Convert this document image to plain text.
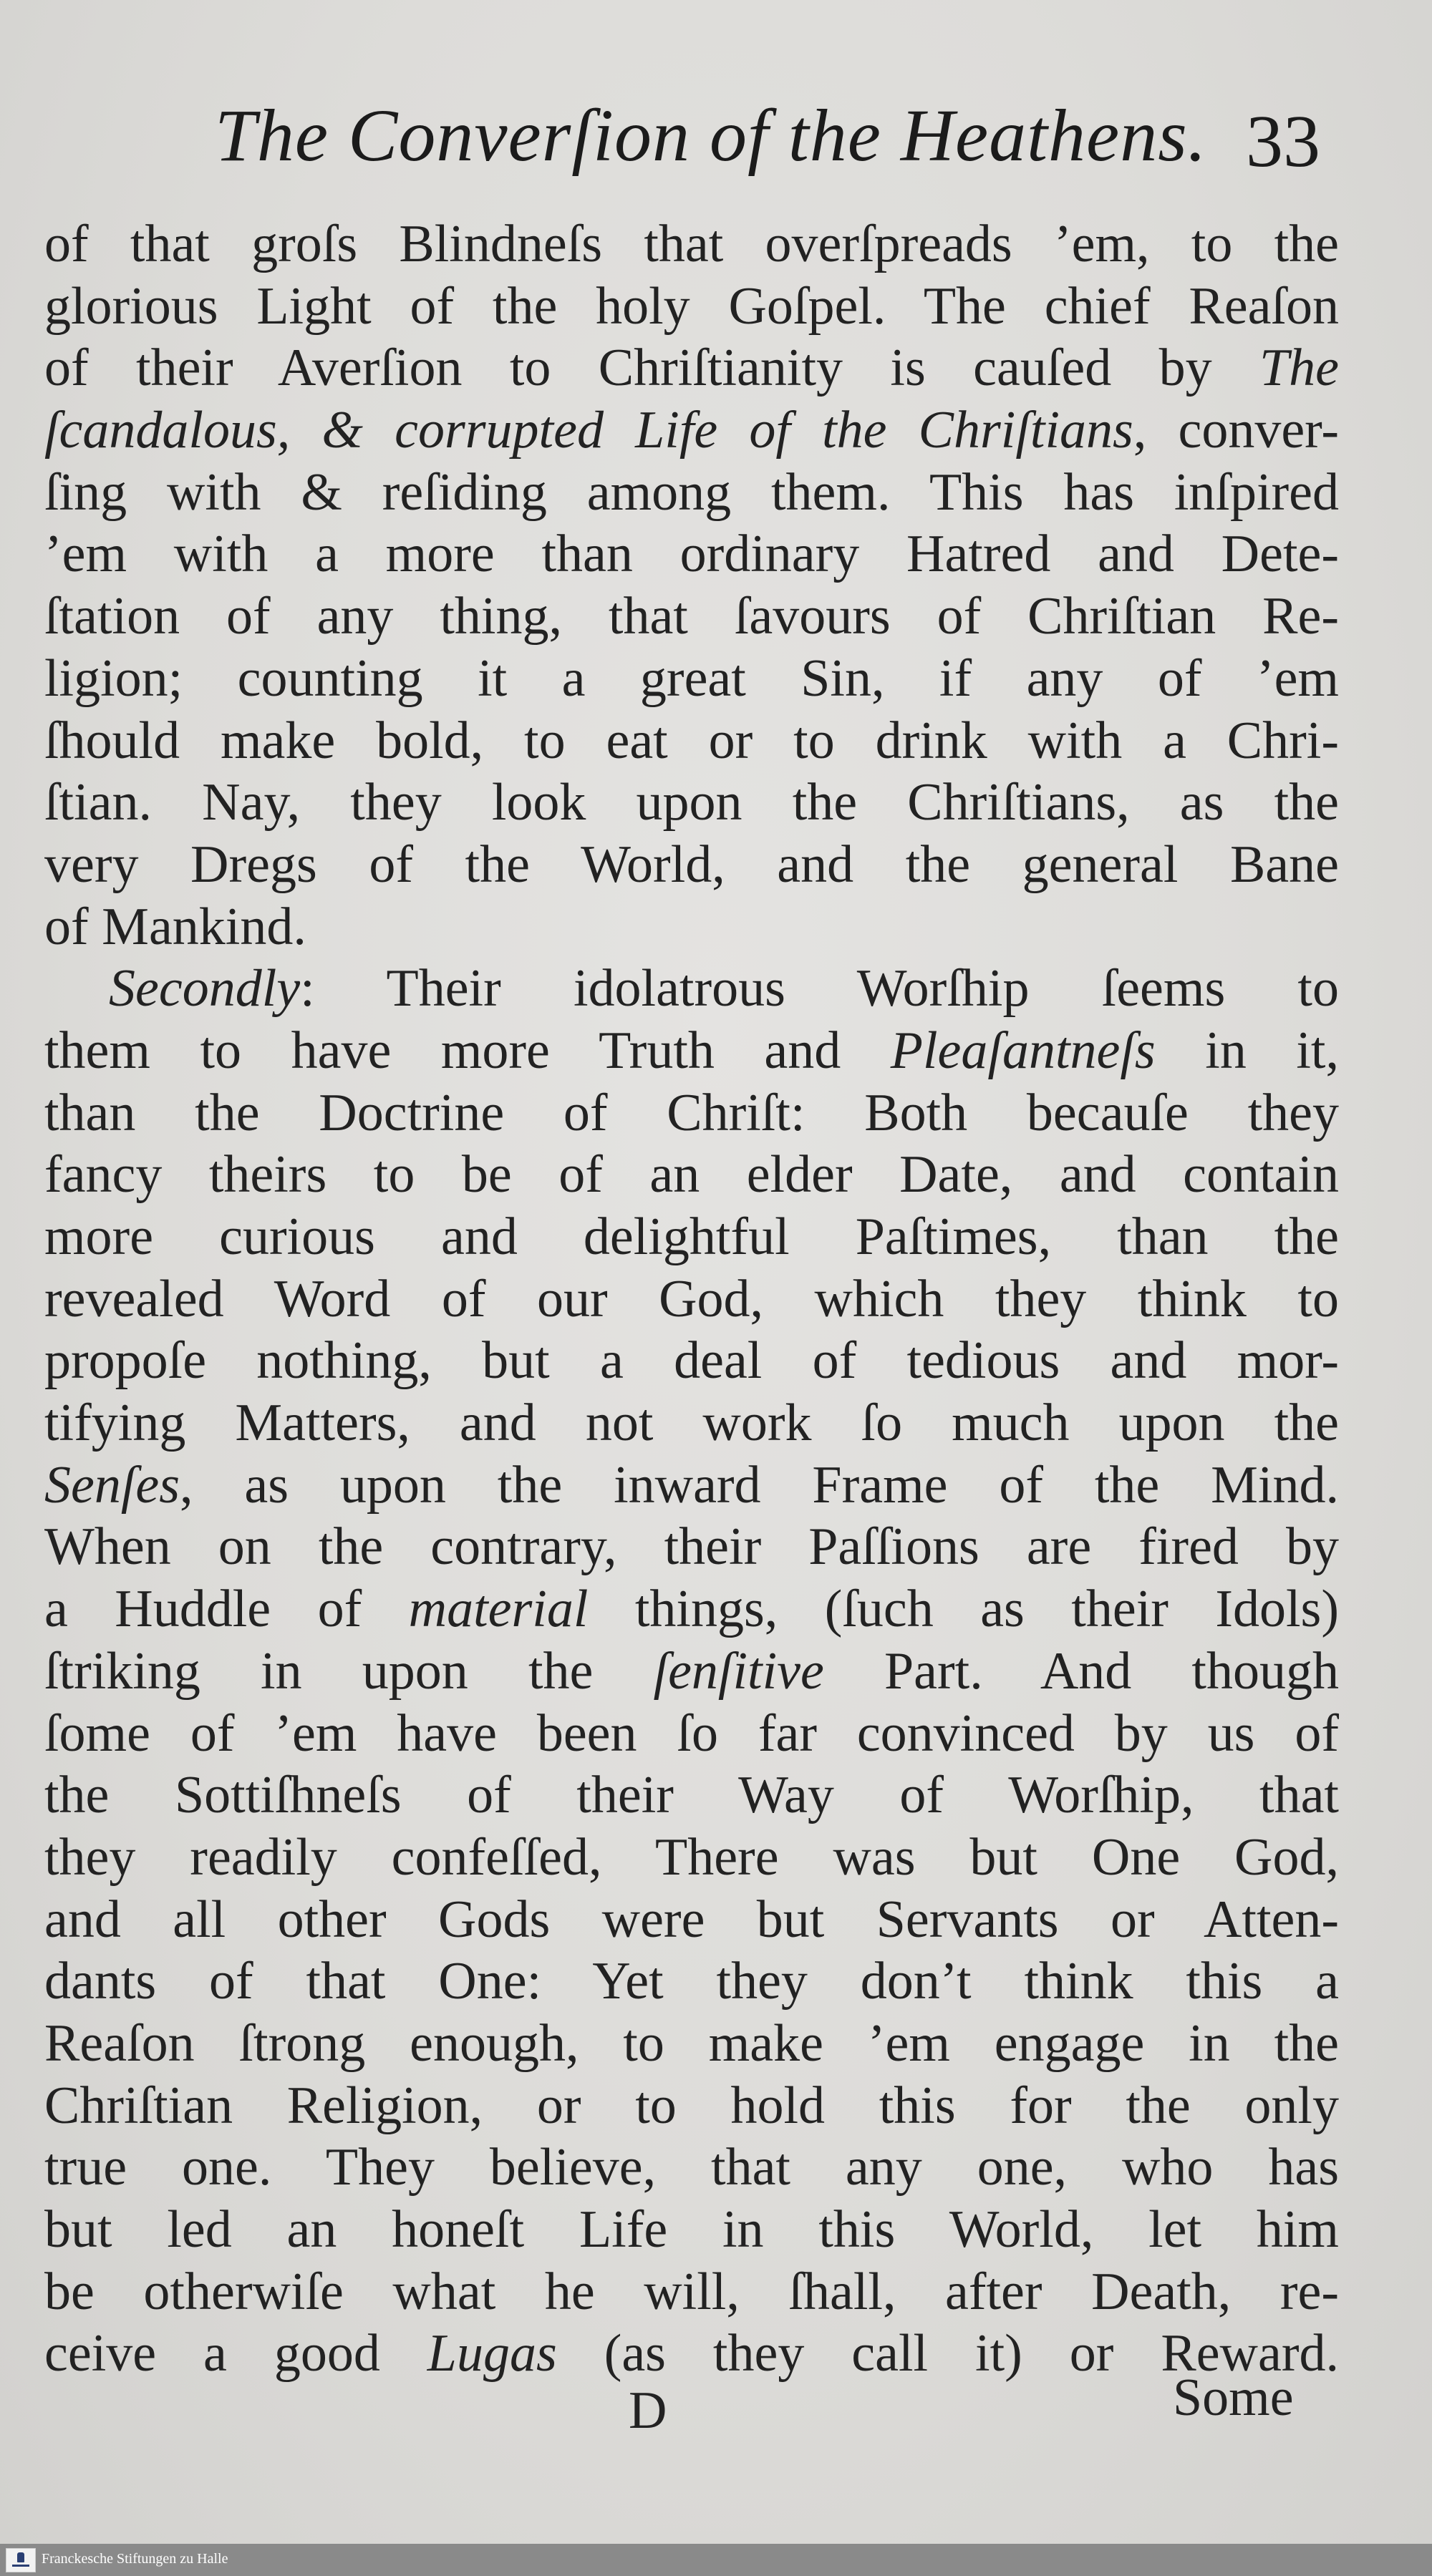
The Converſion of the Heathens. 33
of that groſs Blindneſs that overſpreads ’em, to the
glorious Light of the holy Goſpel. The chief Reaſon
of their Averſion to Chriſtianity is cauſed by The
ſcandalous, & corrupted Life of the Chriſtians, conver-
ſing with & reſiding among them. This has inſpired
’em with a more than ordinary Hatred and Dete-
ſtation of any thing, that ſavours of Chriſtian Re-
ligion; counting it a great Sin, if any of ’em
ſhould make bold, to eat or to drink with a Chri-
ſtian. Nay, they look upon the Chriſtians, as the
very Dregs of the World, and the general Bane
of Mankind.
Secondly: Their idolatrous Worſhip ſeems to
them to have more Truth and Pleaſantneſs in it,
than the Doctrine of Chriſt: Both becauſe they
fancy theirs to be of an elder Date, and contain
more curious and delightful Paſtimes, than the
revealed Word of our God, which they think to
propoſe nothing, but a deal of tedious and mor-
tifying Matters, and not work ſo much upon the
Senſes, as upon the inward Frame of the Mind.
When on the contrary, their Paſſions are fired by
a Huddle of material things, (ſuch as their Idols)
ſtriking in upon the ſenſitive Part. And though
ſome of ’em have been ſo far convinced by us of
the Sottiſhneſs of their Way of Worſhip, that
they readily confeſſed, There was but One God,
and all other Gods were but Servants or Atten-
dants of that One: Yet they don’t think this a
Reaſon ſtrong enough, to make ’em engage in the
Chriſtian Religion, or to hold this for the only
true one. They believe, that any one, who has
but led an honeſt Life in this World, let him
be otherwiſe what he will, ſhall, after Death, re-
ceive a good Lugas (as they call it) or Reward.
D	Some
Franckesche Stiftungen zu Halle
